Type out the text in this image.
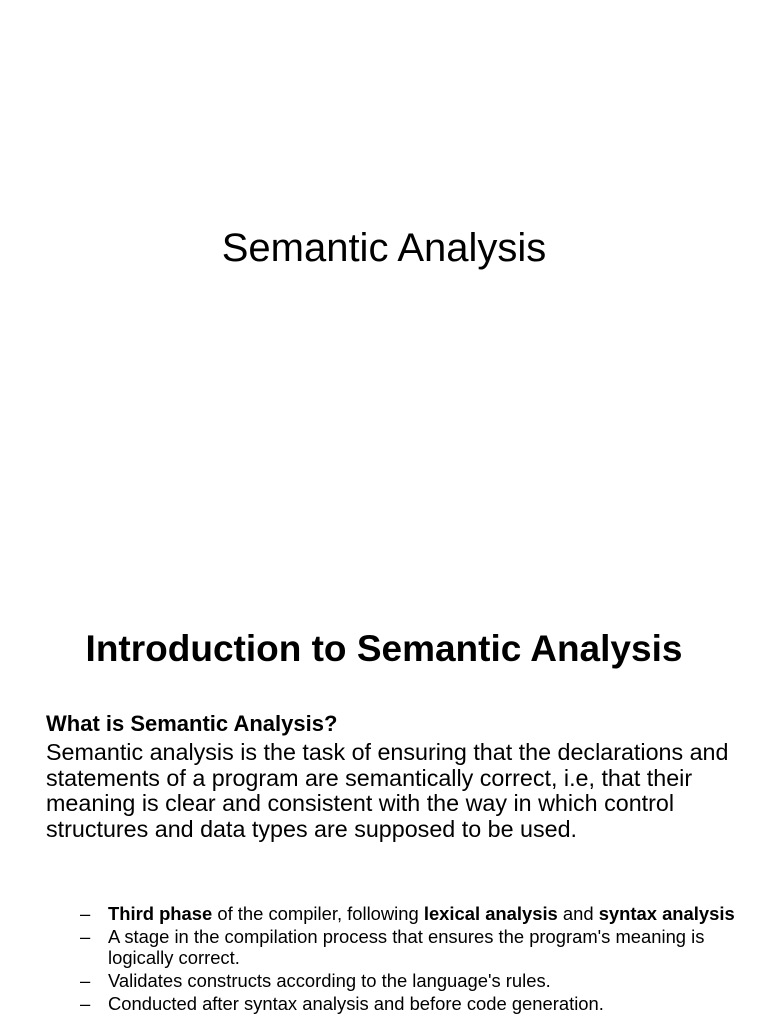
Semantic Analysis
Introduction to Semantic Analysis
What is Semantic Analysis?

Semantic analysis is the task of ensuring that the declarations and statements of a program are semantically correct, i.e, that their meaning is clear and consistent with the way in which control structures and data types are supposed to be used.

– Third phase of the compiler, following lexical analysis and syntax analysis
– A stage in the compilation process that ensures the program's meaning is logically correct.
– Validates constructs according to the language's rules.
– Conducted after syntax analysis and before code generation.
